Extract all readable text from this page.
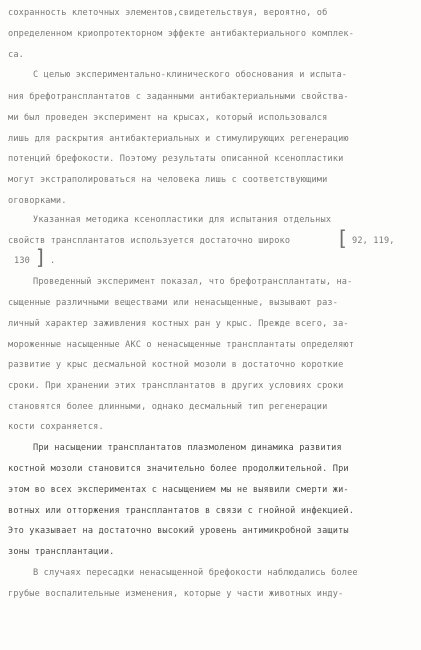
сохранность клеточных элементов,свидетельствуя, вероятно, об
определенном криопротекторном эффекте антибактериального комплек-
са.
С целью экспериментально-клинического обоснования и испыта-
ния брефотрансплантатов с заданными антибактериальными свойства-
ми был проведен эксперимент на крысах, который использовался
лишь для раскрытия антибактериальных и стимулирующих регенерацию
потенций брефокости. Поэтому результаты описанной ксенопластики
могут экстраполироваться на человека лишь с соответствующими
оговорками.
Указанная методика ксенопластики для испытания отдельных
свойств трансплантатов используется достаточно широко [ 92, 119,
130 ] .
Проведенный эксперимент показал, что брефотрансплантаты, на-
сыщенные различными веществами или ненасыщенные, вызывают раз-
личный характер заживления костных ран у крыс. Прежде всего, за-
мороженные насыщенные АКС о ненасыщенные трансплантаты определяют
развитие у крыс десмальной костной мозоли в достаточно короткие
сроки. При хранении этих трансплантатов в других условиях сроки
становятся более длинными, однако десмальный тип регенерации
кости сохраняется.
При насыщении трансплантатов плазмоленом динамика развития
костной мозоли становится значительно более продолжительной. При
этом во всех экспериментах с насыщением мы не выявили смерти жи-
вотных или отторжения трансплантатов в связи с гнойной инфекцией.
Это указывает на достаточно высокий уровень антимикробной защиты
зоны трансплантации.
В случаях пересадки ненасыщенной брефокости наблюдались более
грубые воспалительные изменения, которые у части животных инду-
